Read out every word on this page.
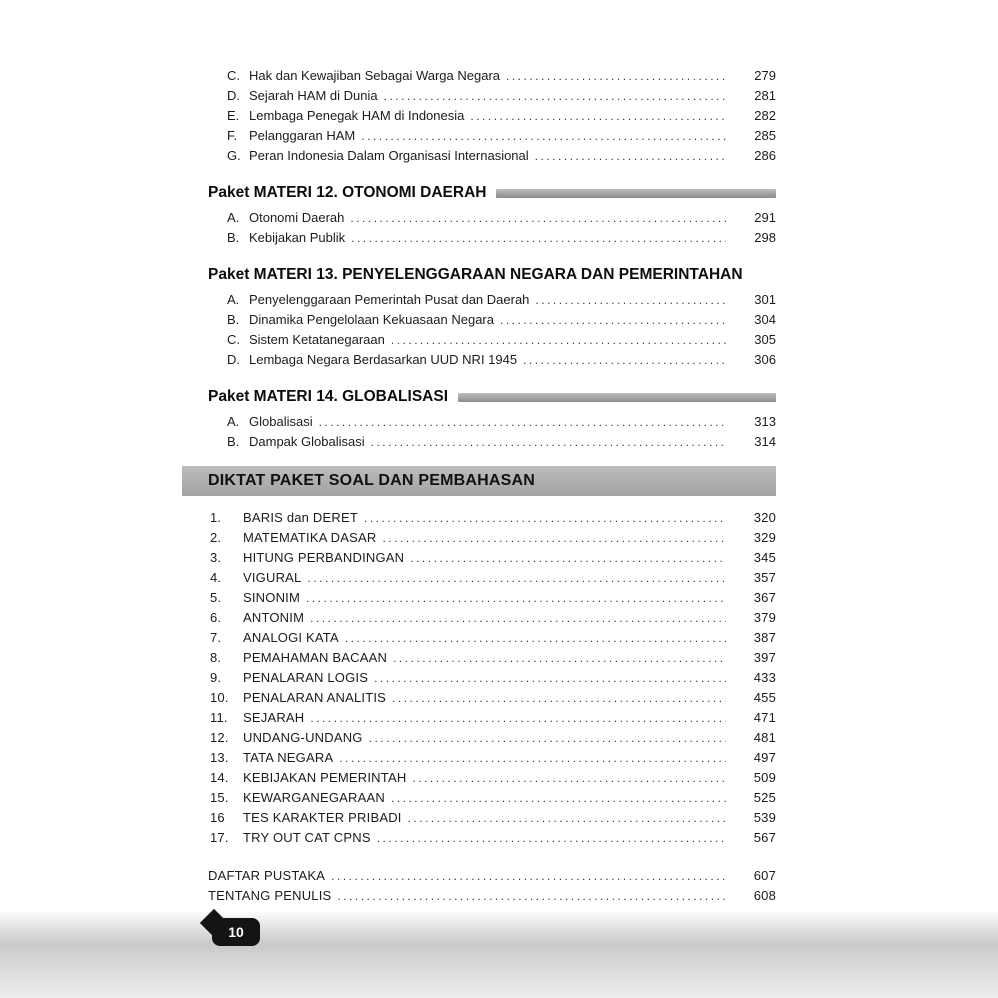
C. Hak dan Kewajiban Sebagai Warga Negara .....	279
D. Sejarah HAM di Dunia .....	281
E. Lembaga Penegak HAM di Indonesia .....	282
F. Pelanggaran HAM .....	285
G. Peran Indonesia Dalam Organisasi Internasional .....	286
Paket MATERI 12. OTONOMI DAERAH
A. Otonomi Daerah .....	291
B. Kebijakan Publik .....	298
Paket MATERI 13. PENYELENGGARAAN NEGARA DAN PEMERINTAHAN
A. Penyelenggaraan Pemerintah Pusat dan Daerah .....	301
B. Dinamika Pengelolaan Kekuasaan Negara .....	304
C. Sistem Ketatanegaraan .....	305
D. Lembaga Negara Berdasarkan UUD NRI 1945 .....	306
Paket MATERI 14. GLOBALISASI
A. Globalisasi .....	313
B. Dampak Globalisasi .....	314
DIKTAT PAKET SOAL DAN PEMBAHASAN
1.	BARIS dan DERET .....	320
2.	MATEMATIKA DASAR .....	329
3.	HITUNG PERBANDINGAN .....	345
4.	VIGURAL .....	357
5.	SINONIM .....	367
6.	ANTONIM .....	379
7.	ANALOGI KATA .....	387
8.	PEMAHAMAN BACAAN .....	397
9.	PENALARAN LOGIS .....	433
10.	PENALARAN ANALITIS .....	455
11.	SEJARAH .....	471
12.	UNDANG-UNDANG .....	481
13.	TATA NEGARA .....	497
14.	KEBIJAKAN PEMERINTAH .....	509
15.	KEWARGANEGARAAN .....	525
16	TES KARAKTER PRIBADI .....	539
17.	TRY OUT CAT CPNS .....	567
DAFTAR PUSTAKA .....	607
TENTANG PENULIS .....	608
10
